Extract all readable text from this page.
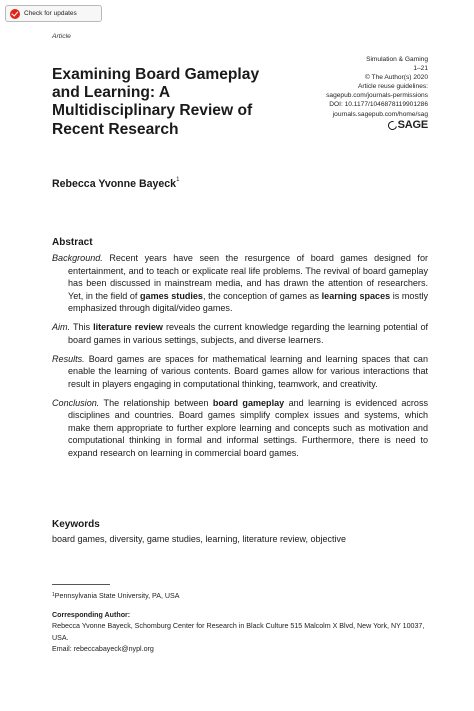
Check for updates
Article
Examining Board Gameplay and Learning: A Multidisciplinary Review of Recent Research
Simulation & Gaming
1–21
© The Author(s) 2020
Article reuse guidelines:
sagepub.com/journals-permissions
DOI: 10.1177/1046878119901286
journals.sagepub.com/home/sag
SAGE
Rebecca Yvonne Bayeck$^1$
Abstract

Background. Recent years have seen the resurgence of board games designed for entertainment, and to teach or explicate real life problems. The revival of board gameplay has been discussed in mainstream media, and has drawn the attention of researchers. Yet, in the field of games studies, the conception of games as learning spaces is mostly emphasized through digital/video games.

Aim. This literature review reveals the current knowledge regarding the learning potential of board games in various settings, subjects, and diverse learners.

Results. Board games are spaces for mathematical learning and learning spaces that can enable the learning of various contents. Board games allow for various interactions that result in players engaging in computational thinking, teamwork, and creativity.

Conclusion. The relationship between board gameplay and learning is evidenced across disciplines and countries. Board games simplify complex issues and systems, which make them appropriate to further explore learning and concepts such as motivation and computational thinking in formal and informal settings. Furthermore, there is need to expand research on learning in commercial board games.

Keywords
board games, diversity, game studies, learning, literature review, objective
$^1$Pennsylvania State University, PA, USA
Corresponding Author:
Rebecca Yvonne Bayeck, Schomburg Center for Research in Black Culture 515 Malcolm X Blvd, New York, NY 10037, USA.
Email: rebeccabayeck@nypl.org
